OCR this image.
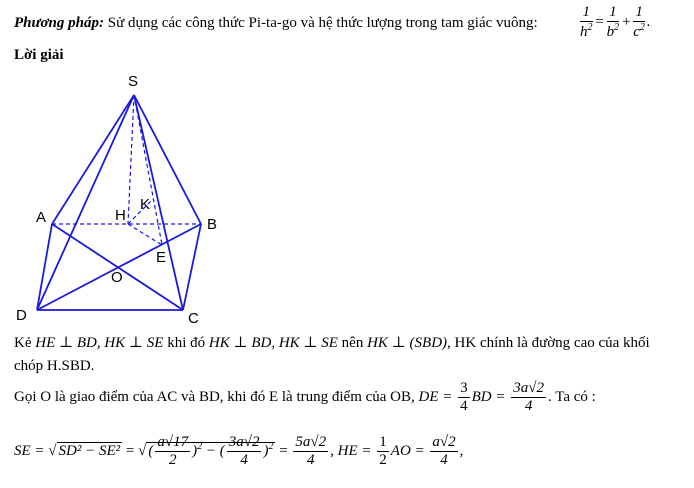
Phương pháp: Sử dụng các công thức Pi-ta-go và hệ thức lượng trong tam giác vuông:	$\frac{1}{h^2} = \frac{1}{b^2} + \frac{1}{c^2}$ .
Lời giải
S
A	B
C
D
H
K
E
O
Kẻ HE ⊥ BD, HK ⊥ SE khi đó HK ⊥ BD, HK ⊥ SE nên HK ⊥ (SBD), HK chính là đường cao của khối
chóp H.SBD.
Gọi O là giao điểm của AC và BD, khi đó E là trung điểm của OB, DE = $\frac{3}{4}$ BD = $\frac{3a√2}{4}$ . Ta có :
SE = √ SD² − SE² = √ ( $\frac{a√17}{2} )^2$ − ( $\frac{3a√2}{4} )^2 = \frac{5a√2}{4}$ , HE = $\frac{1}{2}$ AO = $\frac{a√2}{4}$ ,
